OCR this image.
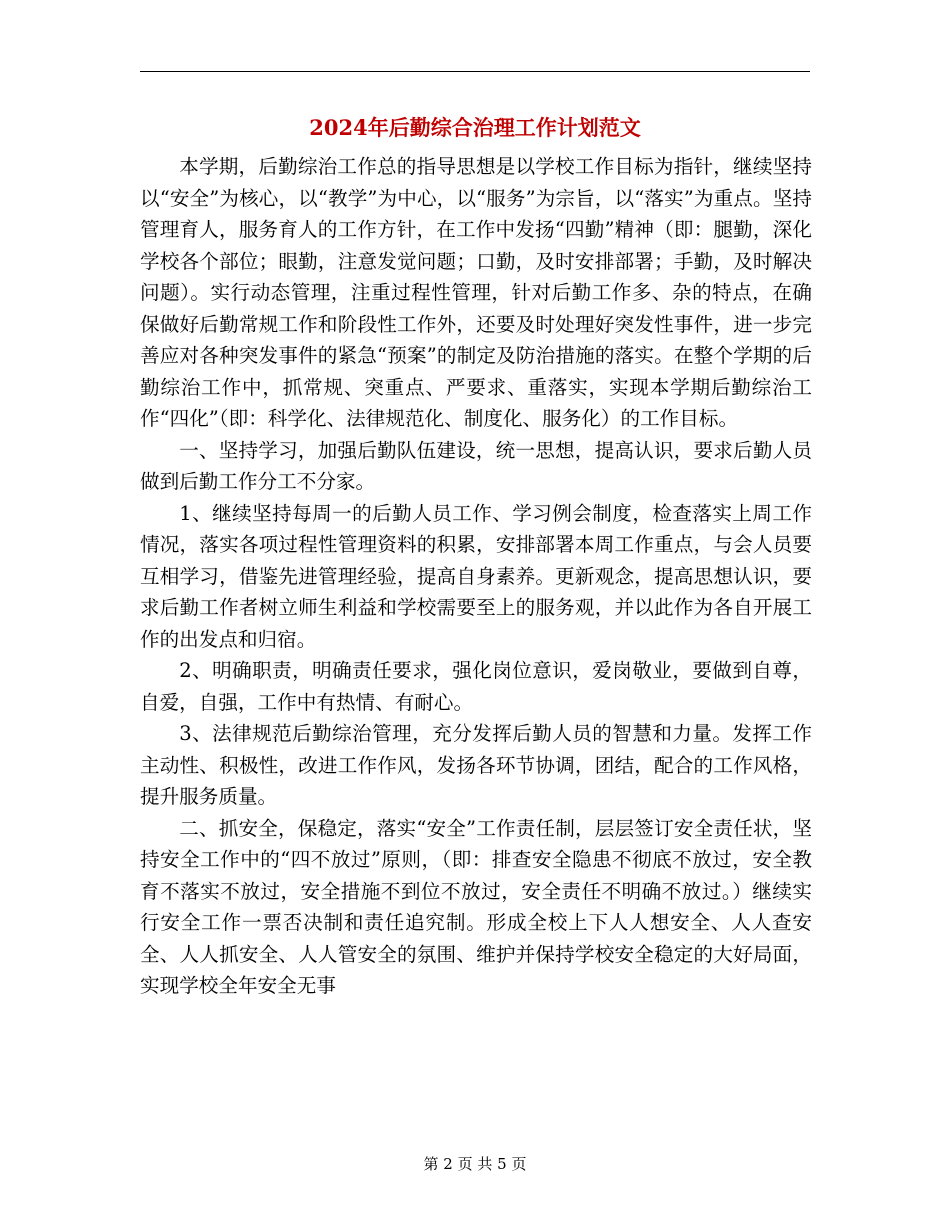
2024年后勤综合治理工作计划范文

本学期，后勤综治工作总的指导思想是以学校工作目标为指针，继续坚持以“安全”为核心，以“教学”为中心，以“服务”为宗旨，以“落实”为重点。坚持管理育人，服务育人的工作方针，在工作中发扬“四勤”精神（即：腿勤，深化学校各个部位；眼勤，注意发觉问题；口勤，及时安排部署；手勤，及时解决问题）。实行动态管理，注重过程性管理，针对后勤工作多、杂的特点，在确保做好后勤常规工作和阶段性工作外，还要及时处理好突发性事件，进一步完善应对各种突发事件的紧急“预案”的制定及防治措施的落实。在整个学期的后勤综治工作中，抓常规、突重点、严要求、重落实，实现本学期后勤综治工作“四化”（即：科学化、法律规范化、制度化、服务化）的工作目标。

一、坚持学习，加强后勤队伍建设，统一思想，提高认识，要求后勤人员做到后勤工作分工不分家。

1、继续坚持每周一的后勤人员工作、学习例会制度，检查落实上周工作情况，落实各项过程性管理资料的积累，安排部署本周工作重点，与会人员要互相学习，借鉴先进管理经验，提高自身素养。更新观念，提高思想认识，要求后勤工作者树立师生利益和学校需要至上的服务观，并以此作为各自开展工作的出发点和归宿。

2、明确职责，明确责任要求，强化岗位意识，爱岗敬业，要做到自尊，自爱，自强，工作中有热情、有耐心。

3、法律规范后勤综治管理，充分发挥后勤人员的智慧和力量。发挥工作主动性、积极性，改进工作作风，发扬各环节协调，团结，配合的工作风格，提升服务质量。

二、抓安全，保稳定，落实“安全”工作责任制，层层签订安全责任状，坚持安全工作中的“四不放过”原则，（即：排查安全隐患不彻底不放过，安全教育不落实不放过，安全措施不到位不放过，安全责任不明确不放过。）继续实行安全工作一票否决制和责任追究制。形成全校上下人人想安全、人人查安全、人人抓安全、人人管安全的氛围、维护并保持学校安全稳定的大好局面，实现学校全年安全无事

第 2 页 共 5 页
